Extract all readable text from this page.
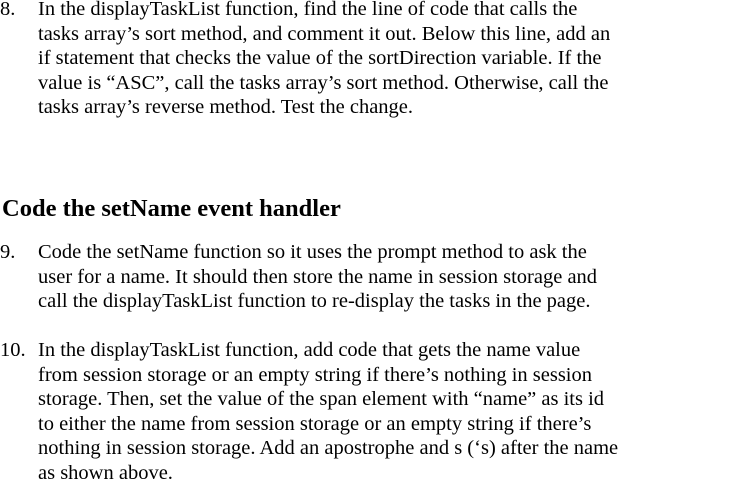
8.	In the displayTaskList function, find the line of code that calls the
tasks array’s sort method, and comment it out. Below this line, add an
if statement that checks the value of the sortDirection variable. If the
value is “ASC”, call the tasks array’s sort method. Otherwise, call the
tasks array’s reverse method. Test the change.
Code the setName event handler
9.	Code the setName function so it uses the prompt method to ask the
user for a name. It should then store the name in session storage and
call the displayTaskList function to re-display the tasks in the page.
10. In the displayTaskList function, add code that gets the name value
from session storage or an empty string if there’s nothing in session
storage. Then, set the value of the span element with “name” as its id
to either the name from session storage or an empty string if there’s
nothing in session storage. Add an apostrophe and s (‘s) after the name
as shown above.
